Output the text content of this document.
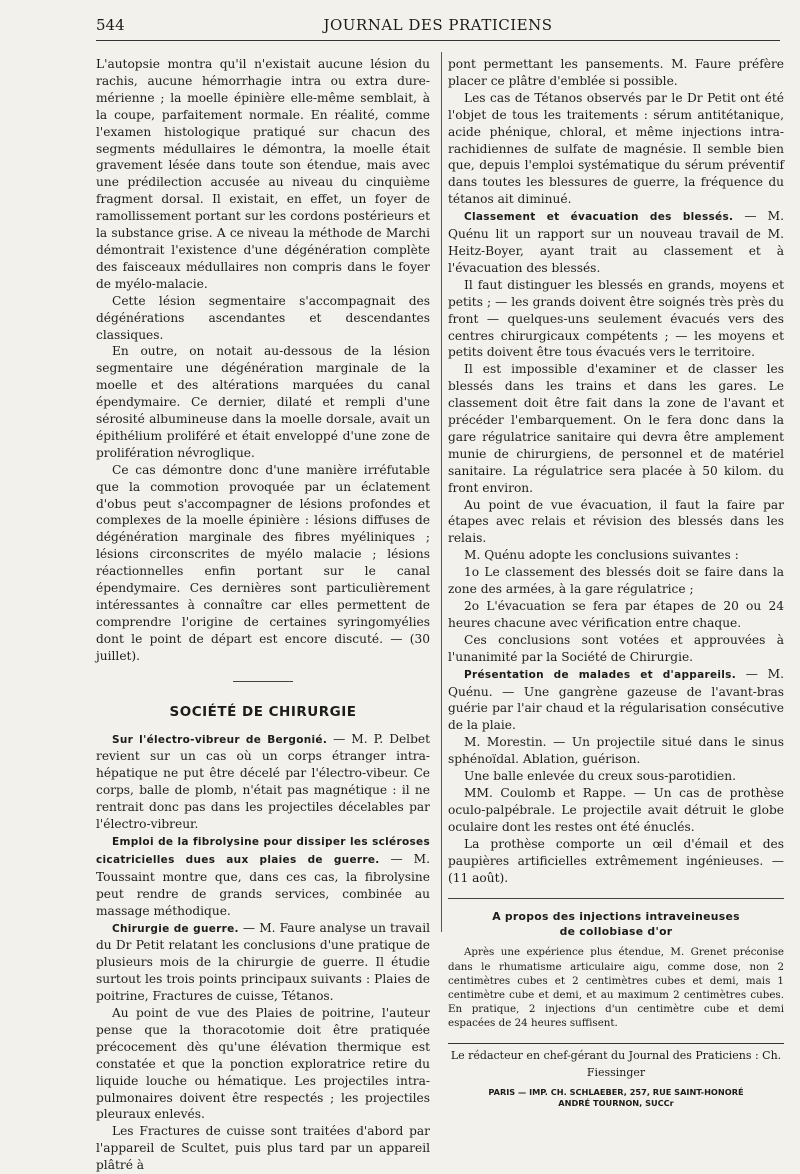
544	JOURNAL DES PRATICIENS

L'autopsie montra qu'il n'existait aucune lésion du rachis, aucune hémorrhagie intra ou extra dure-mérienne ; la moelle épinière elle-même semblait, à la coupe, parfaitement normale. En réalité, comme l'examen histologique pratiqué sur chacun des segments médullaires le démontra, la moelle était gravement lésée dans toute son étendue, mais avec une prédilection accusée au niveau du cinquième fragment dorsal. Il existait, en effet, un foyer de ramollissement portant sur les cordons postérieurs et la substance grise. A ce niveau la méthode de Marchi démontrait l'existence d'une dégénération complète des faisceaux médullaires non compris dans le foyer de myélo-malacie.

Cette lésion segmentaire s'accompagnait des dégénérations ascendantes et descendantes classiques.

En outre, on notait au-dessous de la lésion segmentaire une dégénération marginale de la moelle et des altérations marquées du canal épendymaire. Ce dernier, dilaté et rempli d'une sérosité albumineuse dans la moelle dorsale, avait un épithélium proliféré et était enveloppé d'une zone de prolifération névroglique.

Ce cas démontre donc d'une manière irréfutable que la commotion provoquée par un éclatement d'obus peut s'accompagner de lésions profondes et complexes de la moelle épinière : lésions diffuses de dégénération marginale des fibres myéliniques ; lésions circonscrites de myélo malacie ; lésions réactionnelles enfin portant sur le canal épendymaire. Ces dernières sont particulièrement intéressantes à connaître car elles permettent de comprendre l'origine de certaines syringomyélies dont le point de départ est encore discuté. — (30 juillet).

SOCIÉTÉ DE CHIRURGIE

Sur l'électro-vibreur de Bergonié. — M. P. Delbet revient sur un cas où un corps étranger intra-hépatique ne put être décelé par l'électro-vibeur. Ce corps, balle de plomb, n'était pas magnétique : il ne rentrait donc pas dans les projectiles décelables par l'électro-vibreur.

Emploi de la fibrolysine pour dissiper les scléroses cicatricielles dues aux plaies de guerre. — M. Toussaint montre que, dans ces cas, la fibrolysine peut rendre de grands services, combinée au massage méthodique.

Chirurgie de guerre. — M. Faure analyse un travail du Dr Petit relatant les conclusions d'une pratique de plusieurs mois de la chirurgie de guerre. Il étudie surtout les trois points principaux suivants : Plaies de poitrine, Fractures de cuisse, Tétanos.

Au point de vue des Plaies de poitrine, l'auteur pense que la thoracotomie doit être pratiquée précocement dès qu'une élévation thermique est constatée et que la ponction exploratrice retire du liquide louche ou hématique. Les projectiles intra-pulmonaires doivent être respectés ; les projectiles pleuraux enlevés.

Les Fractures de cuisse sont traitées d'abord par l'appareil de Scultet, puis plus tard par un appareil plâtré à

pont permettant les pansements. M. Faure préfère placer ce plâtre d'emblée si possible.

Les cas de Tétanos observés par le Dr Petit ont été l'objet de tous les traitements : sérum antitétanique, acide phénique, chloral, et même injections intra-rachidiennes de sulfate de magnésie. Il semble bien que, depuis l'emploi systématique du sérum préventif dans toutes les blessures de guerre, la fréquence du tétanos ait diminué.

Classement et évacuation des blessés. — M. Quénu lit un rapport sur un nouveau travail de M. Heitz-Boyer, ayant trait au classement et à l'évacuation des blessés.

Il faut distinguer les blessés en grands, moyens et petits ; — les grands doivent être soignés très près du front — quelques-uns seulement évacués vers des centres chirurgicaux compétents ; — les moyens et petits doivent être tous évacués vers le territoire.

Il est impossible d'examiner et de classer les blessés dans les trains et dans les gares. Le classement doit être fait dans la zone de l'avant et précéder l'embarquement. On le fera donc dans la gare régulatrice sanitaire qui devra être amplement munie de chirurgiens, de personnel et de matériel sanitaire. La régulatrice sera placée à 50 kilom. du front environ.

Au point de vue évacuation, il faut la faire par étapes avec relais et révision des blessés dans les relais.

M. Quénu adopte les conclusions suivantes :

1o Le classement des blessés doit se faire dans la zone des armées, à la gare régulatrice ;

2o L'évacuation se fera par étapes de 20 ou 24 heures chacune avec vérification entre chaque.

Ces conclusions sont votées et approuvées à l'unanimité par la Société de Chirurgie.

Présentation de malades et d'appareils. — M. Quénu. — Une gangrène gazeuse de l'avant-bras guérie par l'air chaud et la régularisation consécutive de la plaie.

M. Morestin. — Un projectile situé dans le sinus sphénoïdal. Ablation, guérison.

Une balle enlevée du creux sous-parotidien.

MM. Coulomb et Rappe. — Un cas de prothèse oculo-palpébrale. Le projectile avait détruit le globe oculaire dont les restes ont été énuclés.

La prothèse comporte un œil d'émail et des paupières artificielles extrêmement ingénieuses. — (11 août).

A propos des injections intraveineuses
de collobiase d'or

Après une expérience plus étendue, M. Grenet préconise dans le rhumatisme articulaire aigu, comme dose, non 2 centimètres cubes et 2 centimètres cubes et demi, mais 1 centimètre cube et demi, et au maximum 2 centimètres cubes. En pratique, 2 injections d'un centimètre cube et demi espacées de 24 heures suffisent.

Le rédacteur en chef-gérant du Journal des Praticiens : Ch. Fiessinger
PARIS — IMP. CH. SCHLAEBER, 257, RUE SAINT-HONORÉ
ANDRÉ TOURNON, SUCCr
